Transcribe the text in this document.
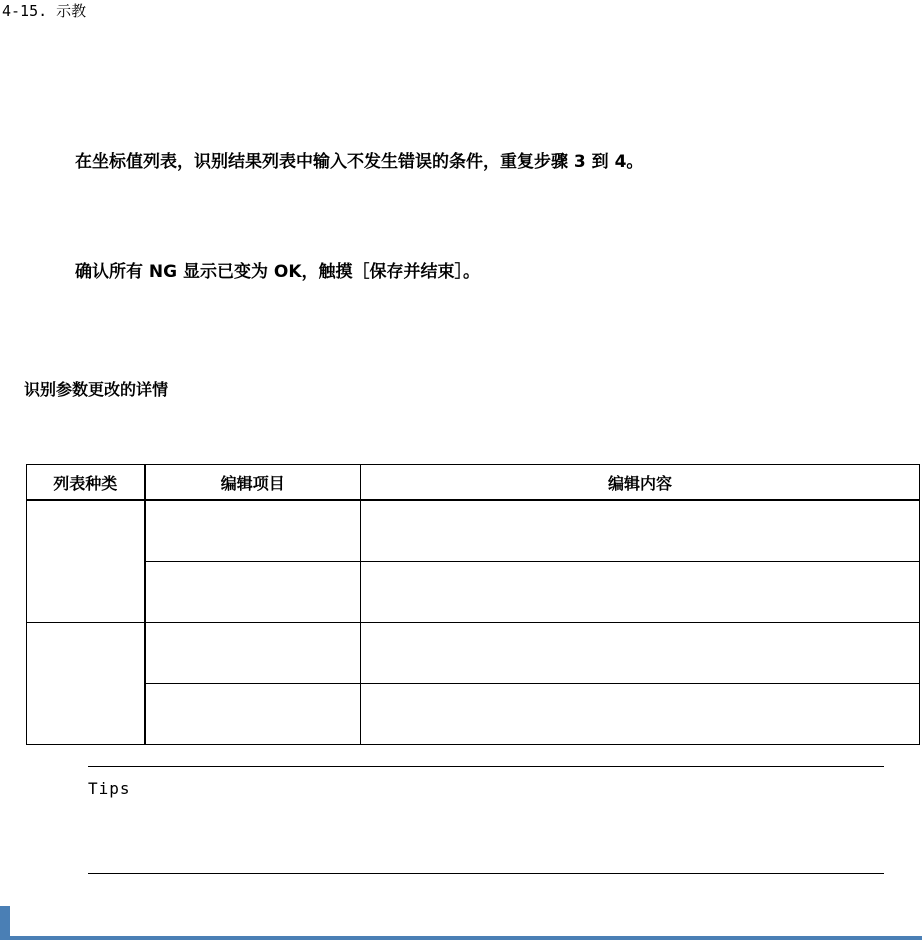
4-15. 示教
在坐标值列表，识别结果列表中输入不发生错误的条件，重复步骤 3 到 4。
确认所有 NG 显示已变为 OK，触摸［保存并结束］。
识别参数更改的详情
列表种类	编辑项目	编辑内容

Tips
